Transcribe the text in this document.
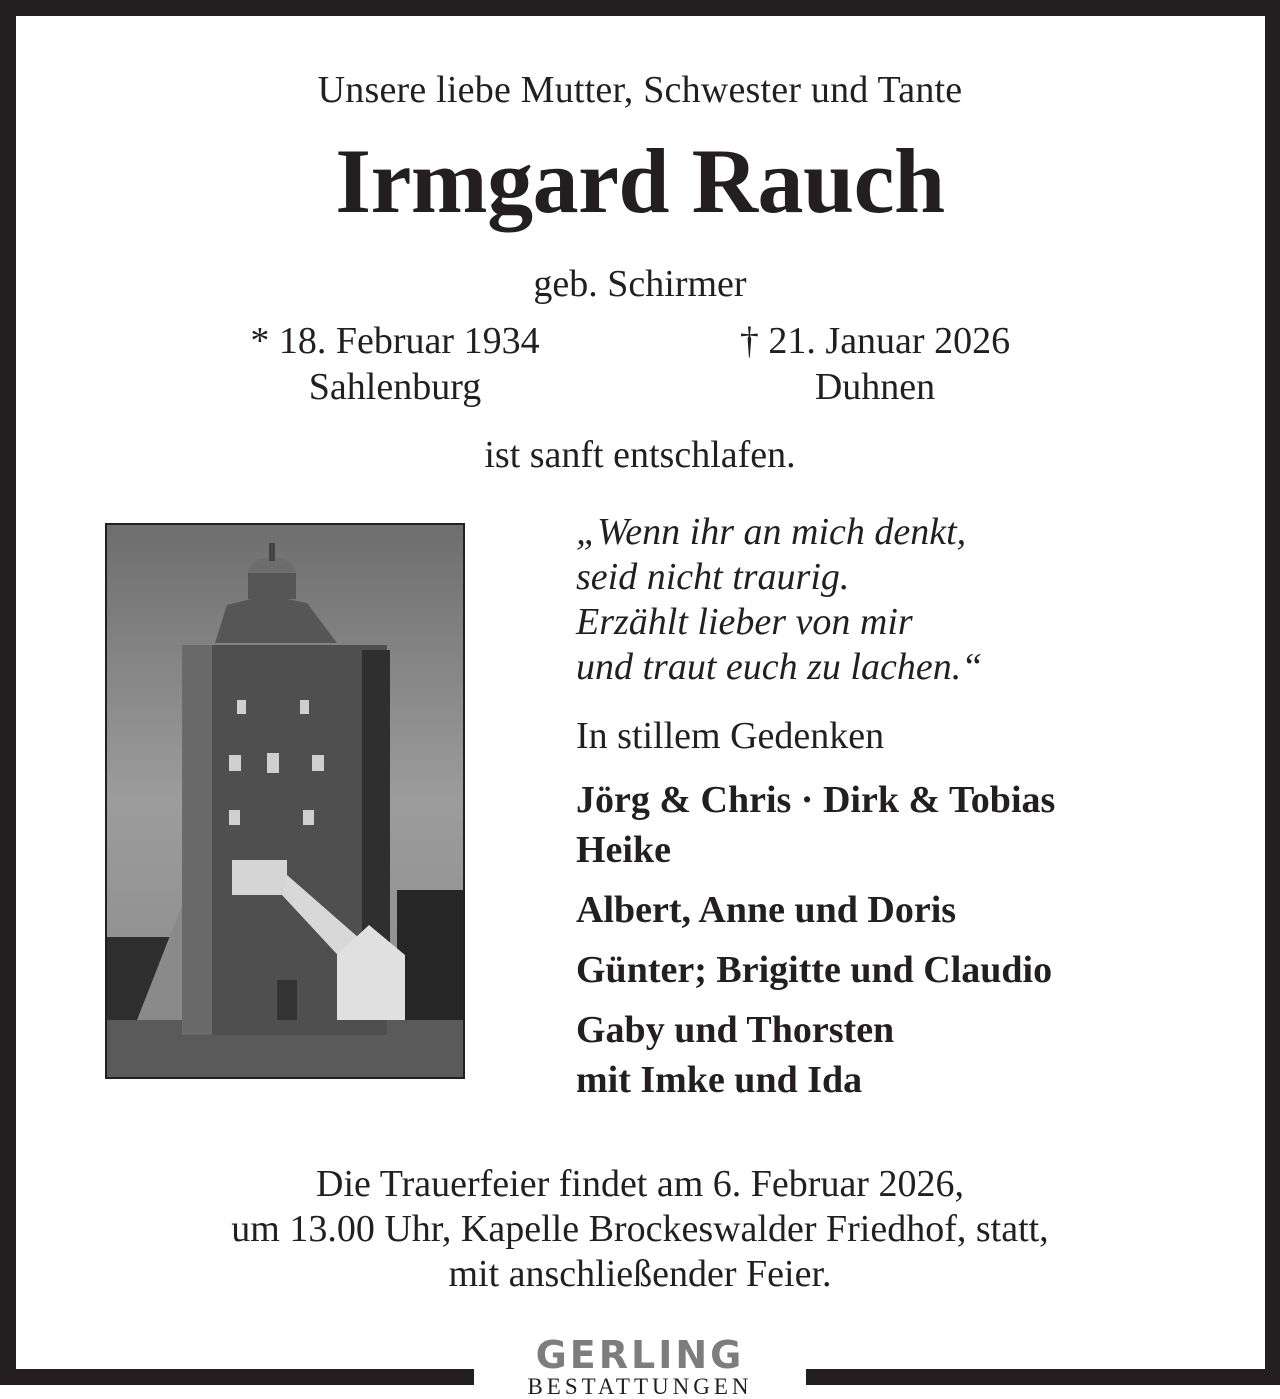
Unsere liebe Mutter, Schwester und Tante
Irmgard Rauch
geb. Schirmer
* 18. Februar 1934
Sahlenburg
† 21. Januar 2026
Duhnen
ist sanft entschlafen.
„Wenn ihr an mich denkt,
seid nicht traurig.
Erzählt lieber von mir
und traut euch zu lachen.“
In stillem Gedenken
Jörg & Chris · Dirk & Tobias
Heike
Albert, Anne und Doris
Günter; Brigitte und Claudio
Gaby und Thorsten
mit Imke und Ida
Die Trauerfeier findet am 6. Februar 2026,
um 13.00 Uhr, Kapelle Brockeswalder Friedhof, statt,
mit anschließender Feier.
GERLING
BESTATTUNGEN
